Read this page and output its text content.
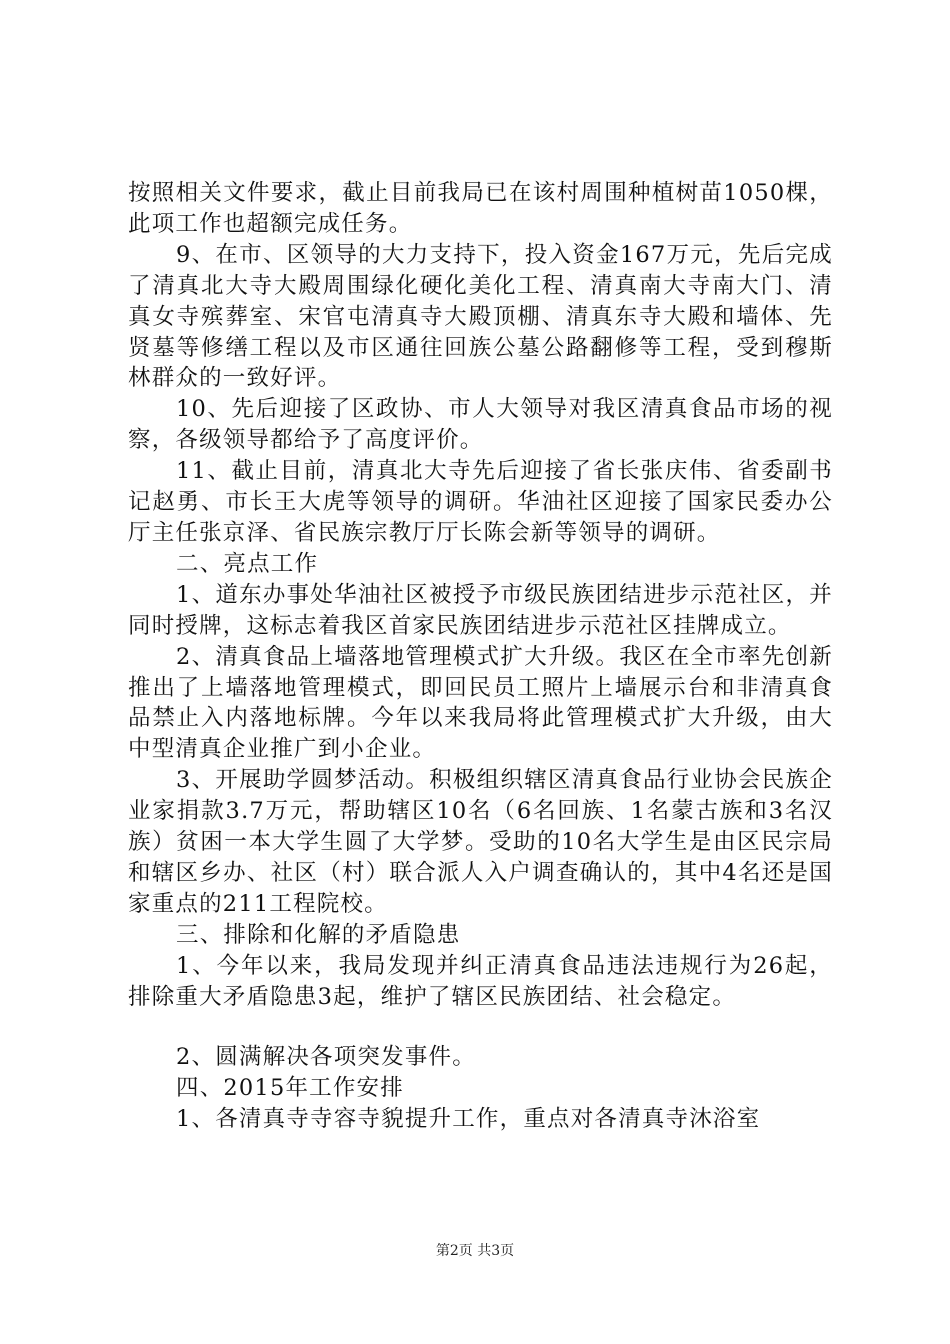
按照相关文件要求，截止目前我局已在该村周围种植树苗1050棵，此项工作也超额完成任务。

9、在市、区领导的大力支持下，投入资金167万元，先后完成了清真北大寺大殿周围绿化硬化美化工程、清真南大寺南大门、清真女寺殡葬室、宋官屯清真寺大殿顶棚、清真东寺大殿和墙体、先贤墓等修缮工程以及市区通往回族公墓公路翻修等工程，受到穆斯林群众的一致好评。

10、先后迎接了区政协、市人大领导对我区清真食品市场的视察，各级领导都给予了高度评价。

11、截止目前，清真北大寺先后迎接了省长张庆伟、省委副书记赵勇、市长王大虎等领导的调研。华油社区迎接了国家民委办公厅主任张京泽、省民族宗教厅厅长陈会新等领导的调研。

二、亮点工作

1、道东办事处华油社区被授予市级民族团结进步示范社区，并同时授牌，这标志着我区首家民族团结进步示范社区挂牌成立。

2、清真食品上墙落地管理模式扩大升级。我区在全市率先创新推出了上墙落地管理模式，即回民员工照片上墙展示台和非清真食品禁止入内落地标牌。今年以来我局将此管理模式扩大升级，由大中型清真企业推广到小企业。

3、开展助学圆梦活动。积极组织辖区清真食品行业协会民族企业家捐款3.7万元，帮助辖区10名（6名回族、1名蒙古族和3名汉族）贫困一本大学生圆了大学梦。受助的10名大学生是由区民宗局和辖区乡办、社区（村）联合派人入户调查确认的，其中4名还是国家重点的211工程院校。

三、排除和化解的矛盾隐患

1、今年以来，我局发现并纠正清真食品违法违规行为26起，排除重大矛盾隐患3起，维护了辖区民族团结、社会稳定。

2、圆满解决各项突发事件。

四、2015年工作安排

1、各清真寺寺容寺貌提升工作，重点对各清真寺沐浴室

第2页 共3页
